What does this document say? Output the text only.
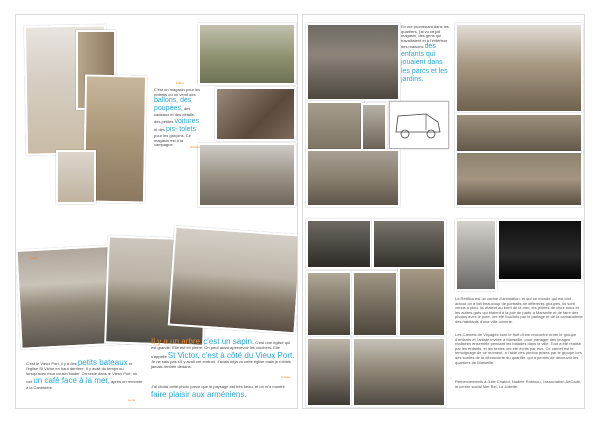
Fabel
C'est un magasin pour les enfants où on vend des ballons, des poupées, des cadeaux et des détails, des petites voitures et des pis- tolets pour les garçons. Ce magasin est à la campagne.	Nicolas
Lucia
C'est le Vieux Port, il y a des petits bateaux et l'église St Victor en haut derrière. Il y avait du temps où lorsqu'avec mon cousin Nader. On reste dans le Vieux Port; on voit un café face à la mer, après on remonte à la Canebière.
Lucia
Il y a un arbre, c'est un sapin. C'est une église qui est grande. Elle est en pierre. On peut aussi apercevoir les clochers. Elle s'appelle St Victor, c'est à côté du Vieux Port. Je ne sais pas s'il y avait cet endroit. J'avais déjà vu cette église mais je n'étais jamais rentrée dedans.
Anissa
J'ai choisi cette photo parce que le paysage est très beau, et on m'a montré faire plaisir aux arméniens.
En me promenant dans les quartiers, j'ai vu ce joli magasin, des gens qui travaillaient et à l'extérieur des maisons des enfants qui jouaient dans les parcs et les jardins.
La Rétifica est un centre d'animation, et sur ce monde qui est tout autour on a fait beaucoup de portraits de différents groupes, ils sont venus à pied. Ils étaient au bord de la mer, les jeunes de chez nous et les autres gars qui étaient à la joie de partir à Marseille et de faire des photos avec le pote, ont été touchés par le partage et de la camaraderie des habitants d'une ville ouverte.
Les Carnets de Voyages sont le fruit d'une rencontre entre le groupe d'enfants et l'artiste invitée à Marseille, pour partager des images réalisées ensemble pendant les balades dans la ville. Tout a été réalisé par les enfants, et les textes ont été écrits par eux. Ce carnet est le témoignage de ce moment, à l'aide des photos prises par le groupe lors des sorties de la découverte du quartier, qui a permis de découvrir les quartiers de Marseille.
Remerciements à Julie Chabot, Nadine Robinou, l'association ArtCade, le centre social Mer Bel, La Joliette.
